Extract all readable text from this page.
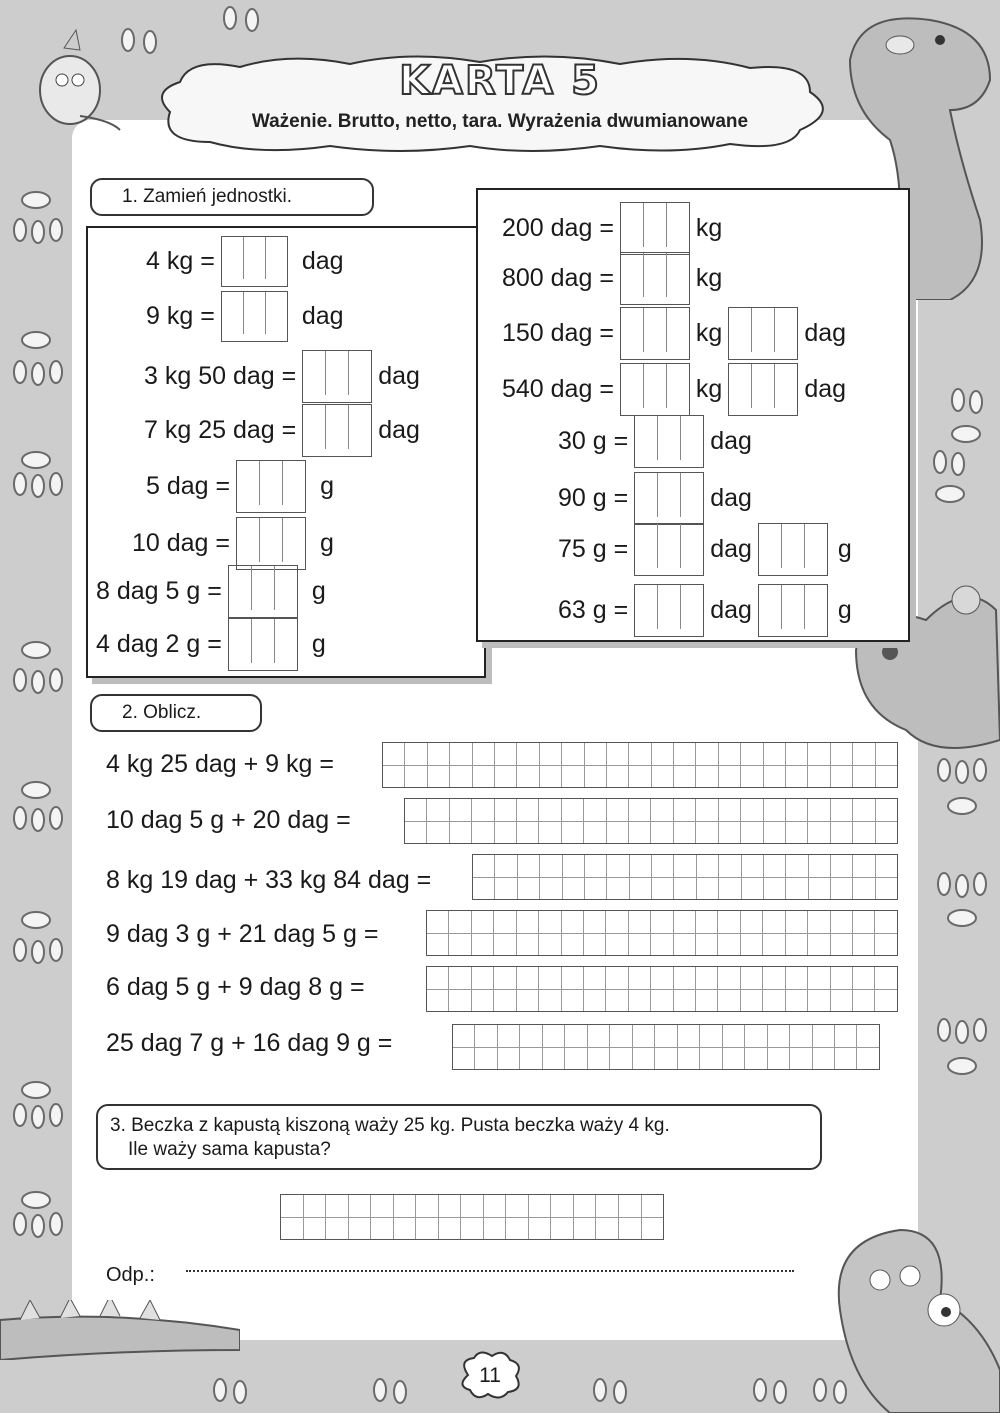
KARTA 5
Ważenie. Brutto, netto, tara. Wyrażenia dwumianowane
1. Zamień jednostki.
4 kg =	dag
9 kg =	dag
3 kg 50 dag =	dag
7 kg 25 dag =	dag
5 dag =	g
10 dag =	g
8 dag 5 g =	g
4 dag 2 g =	g
200 dag =	kg
800 dag =	kg
150 dag =	kg	dag
540 dag =	kg	dag
30 g =	dag
90 g =	dag
75 g =	dag	g
63 g =	dag	g
2. Oblicz.
4 kg 25 dag + 9 kg =
10 dag 5 g + 20 dag =
8 kg 19 dag + 33 kg 84 dag =
9 dag 3 g + 21 dag 5 g =
6 dag 5 g + 9 dag 8 g =
25 dag 7 g + 16 dag 9 g =
3. Beczka z kapustą kiszoną waży 25 kg. Pusta beczka waży 4 kg.
Ile waży sama kapusta?
Odp.:
11
